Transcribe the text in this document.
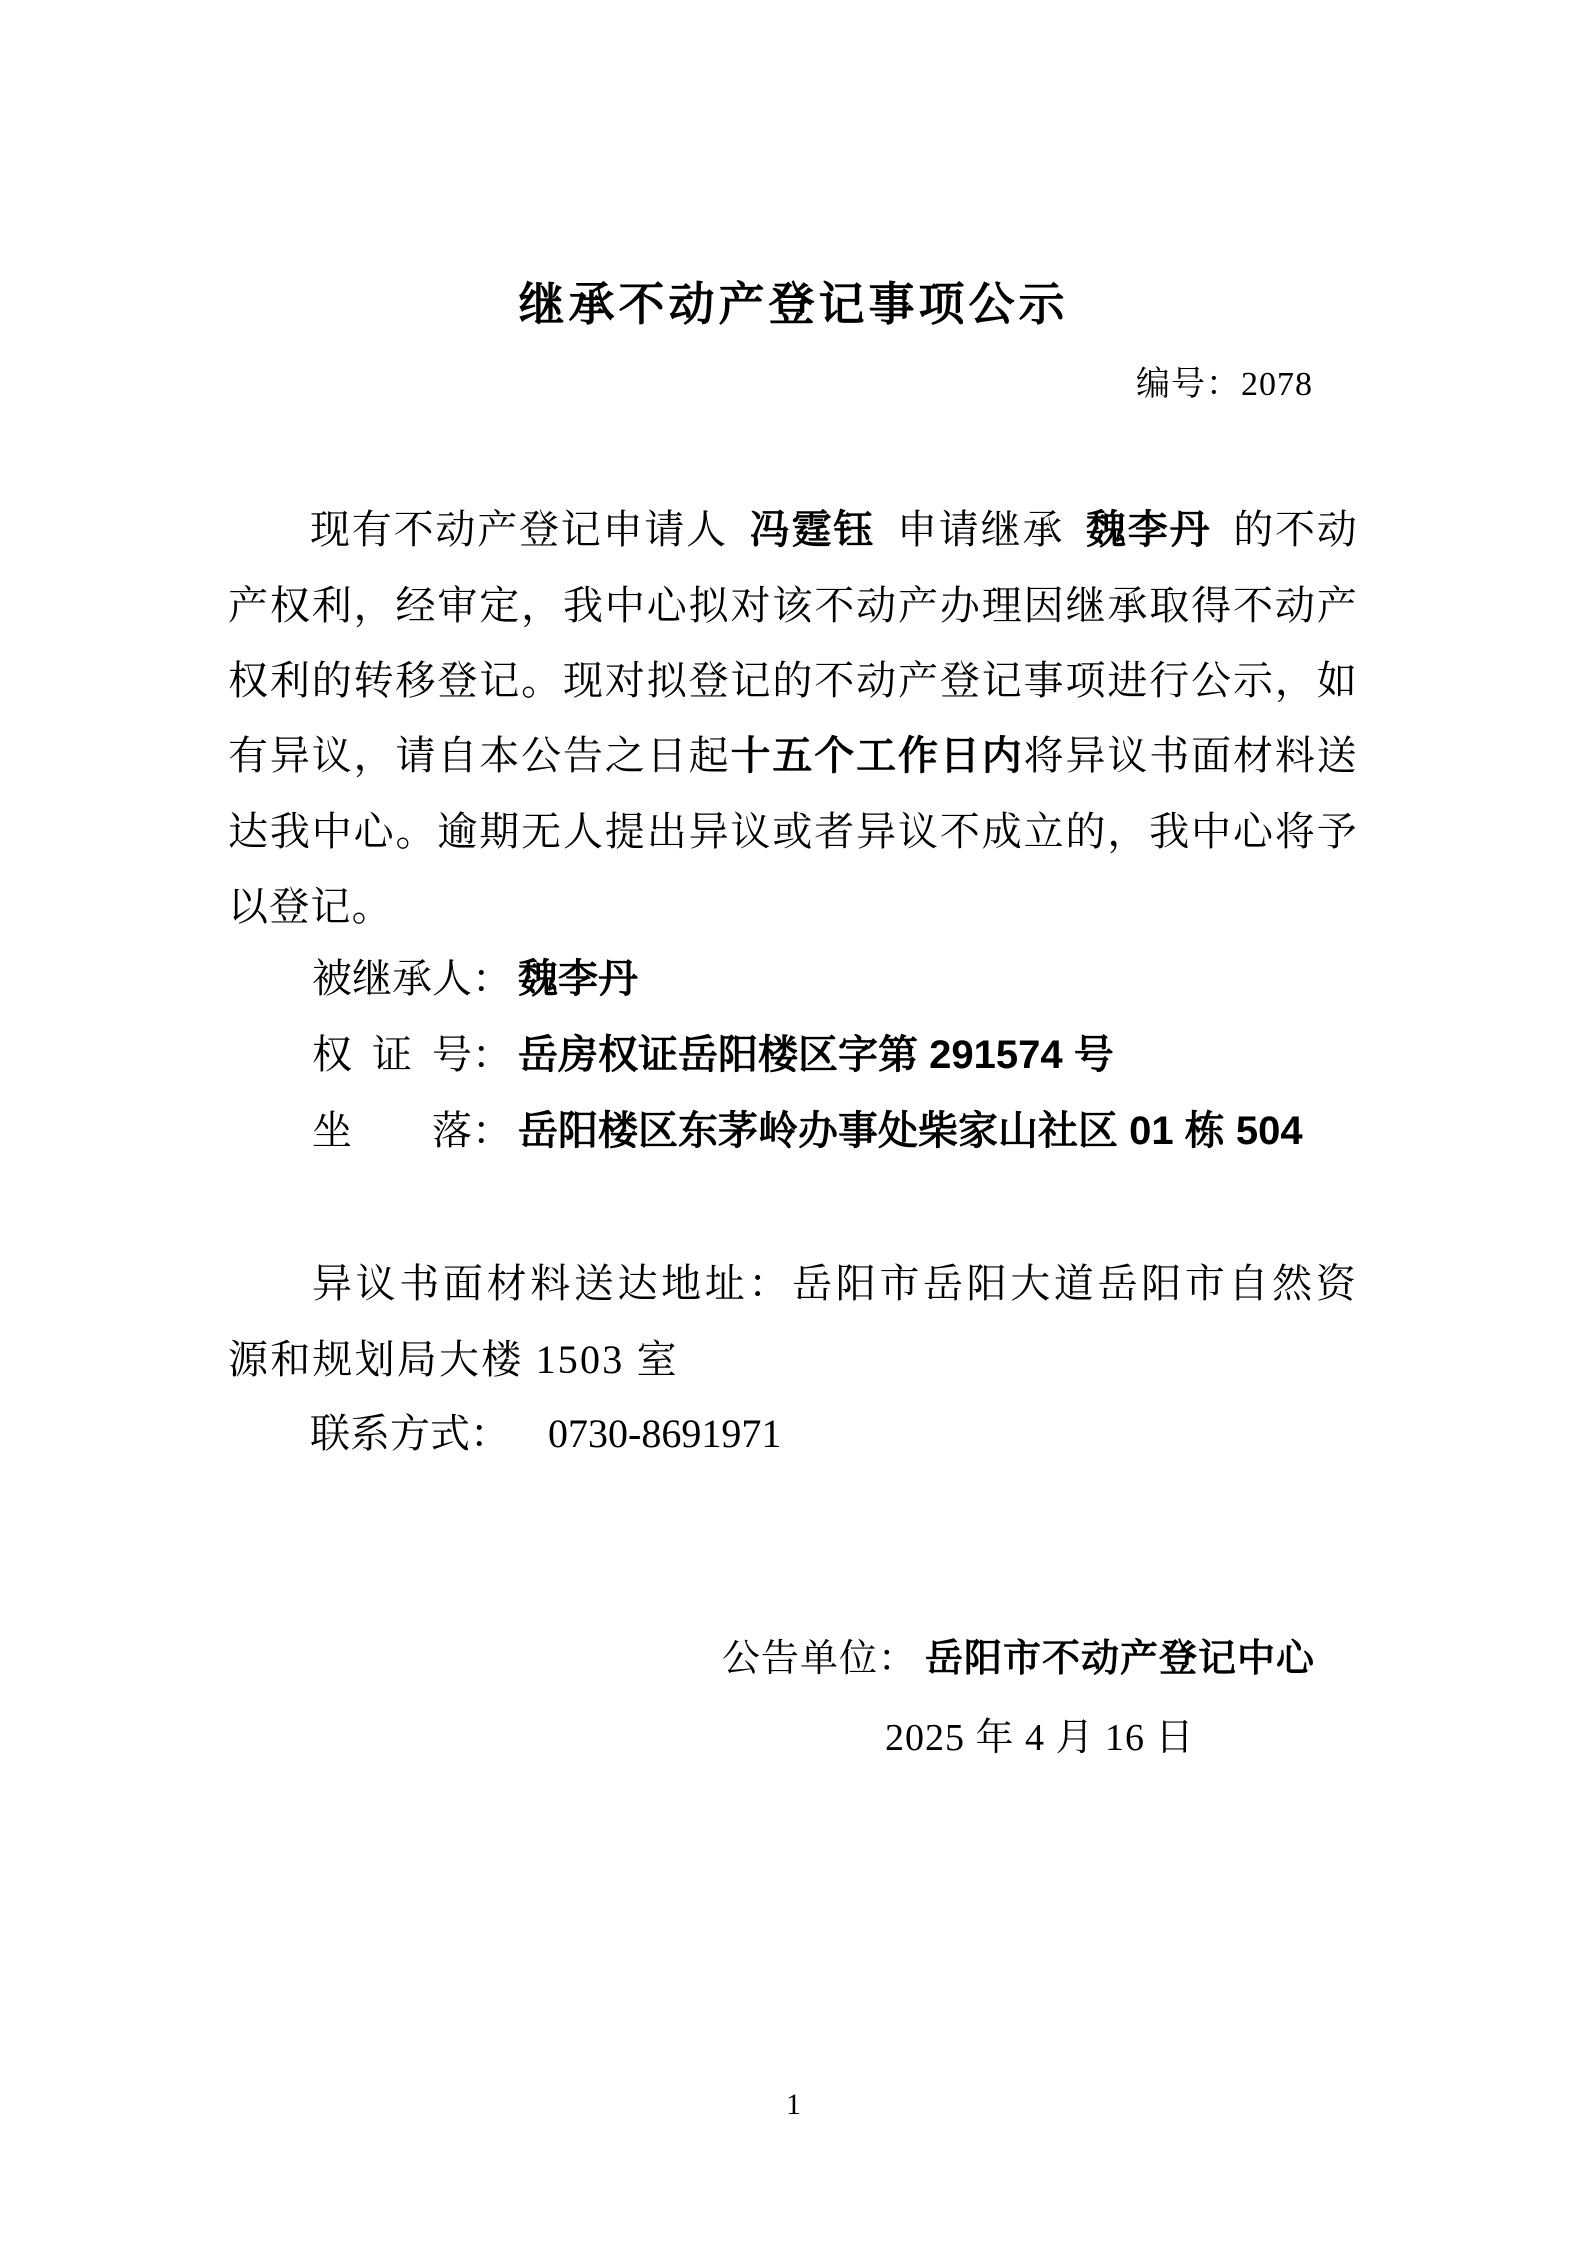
继承不动产登记事项公示
编号：2078
现有不动产登记申请人 冯霆钰 申请继承 魏李丹 的不动产权利，经审定，我中心拟对该不动产办理因继承取得不动产权利的转移登记。现对拟登记的不动产登记事项进行公示，如有异议，请自本公告之日起十五个工作日内将异议书面材料送达我中心。逾期无人提出异议或者异议不成立的，我中心将予以登记。
被继承人： 魏李丹
权证号： 岳房权证岳阳楼区字第 291574 号
坐落： 岳阳楼区东茅岭办事处柴家山社区 01 栋 504
异议书面材料送达地址：岳阳市岳阳大道岳阳市自然资源和规划局大楼 1503 室
联系方式： 0730-8691971
公告单位： 岳阳市不动产登记中心
2025 年 4 月 16 日
1
